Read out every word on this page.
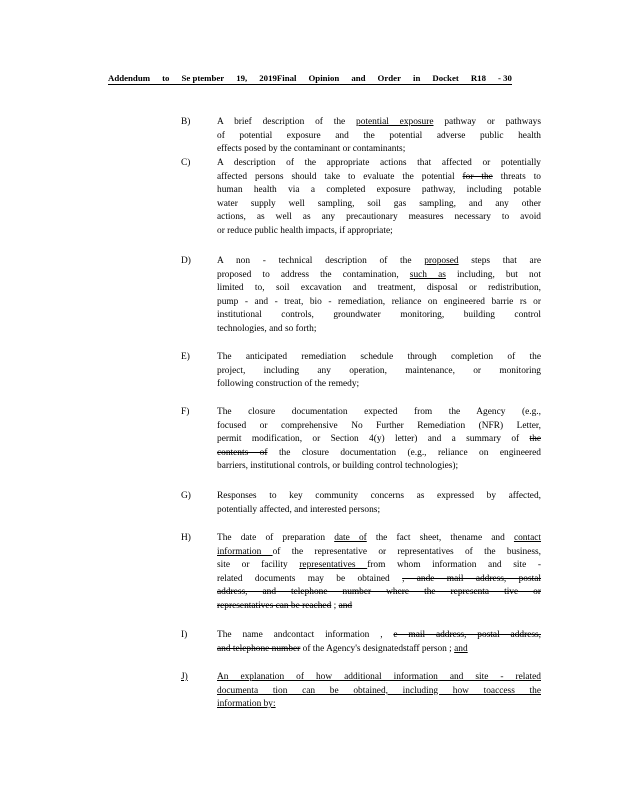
Addendum to Se ptember 19, 2019Final Opinion and Order in Docket R18 - 30
B)	A brief description of the potential exposure pathway or pathways
of potential exposure and the potential adverse public health
effects posed by the contaminant or contaminants;
C)	A description of the appropriate actions that affected or potentially
affected persons should take to evaluate the potential for the threats to
human health via a completed exposure pathway, including potable
water supply well sampling, soil gas sampling, and any other
actions, as well as any precautionary measures necessary to avoid
or reduce public health impacts, if appropriate;
D)	A non - technical description of the proposed steps that are
proposed to address the contamination, such as including, but not
limited to, soil excavation and treatment, disposal or redistribution,
pump - and - treat, bio - remediation, reliance on engineered barrie rs or
institutional controls, groundwater monitoring, building control
technologies, and so forth;
E)	The anticipated remediation schedule through completion of the
project, including any operation, maintenance, or monitoring
following construction of the remedy;
F)	The closure documentation expected from the Agency (e.g.,
focused or comprehensive No Further Remediation (NFR) Letter,
permit modification, or Section 4(y) letter) and a summary of the
contents of the closure documentation (e.g., reliance on engineered
barriers, institutional controls, or building control technologies);
G)	Responses to key community concerns as expressed by affected,
potentially affected, and interested persons;
H)	The date of preparation date of the fact sheet, thename and contact
information of the representative or representatives of the business,
site or facility representatives from whom information and site -
related documents may be obtained , ande mail address, postal
address, and telephone number where the representa tive or
representatives can be reached ; and
I)	The name andcontact information , e mail address, postal address,
and telephone number of the Agency's designatedstaff person ; and
J)	An explanation of how additional information and site - related
documenta tion can be obtained, including how toaccess the
information by:
